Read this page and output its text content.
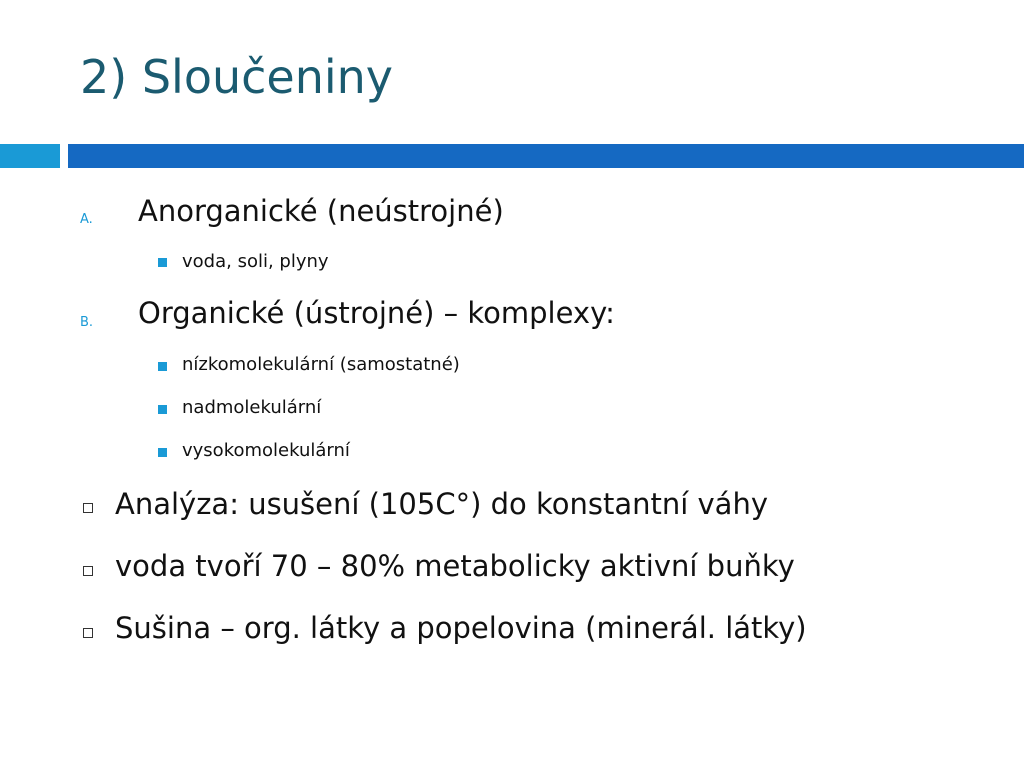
2) Sloučeniny
A. Anorganické (neústrojné)
voda, soli, plyny
B. Organické (ústrojné) – komplexy:
nízkomolekulární (samostatné)
nadmolekulární
vysokomolekulární
Analýza: usušení (105C°) do konstantní váhy
voda tvoří 70 – 80% metabolicky aktivní buňky
Sušina – org. látky a popelovina (minerál. látky)
